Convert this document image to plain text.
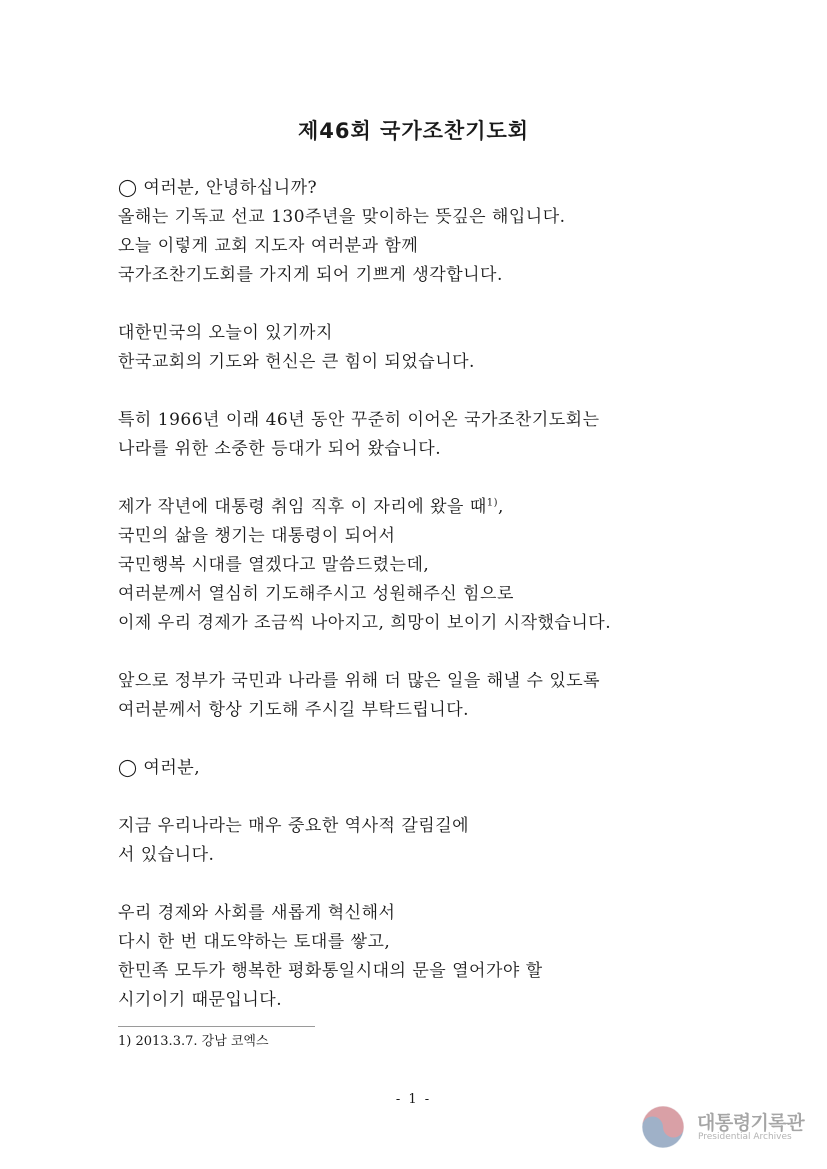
제46회 국가조찬기도회
◯ 여러분, 안녕하십니까?
올해는 기독교 선교 130주년을 맞이하는 뜻깊은 해입니다.
오늘 이렇게 교회 지도자 여러분과 함께
국가조찬기도회를 가지게 되어 기쁘게 생각합니다.
대한민국의 오늘이 있기까지
한국교회의 기도와 헌신은 큰 힘이 되었습니다.
특히 1966년 이래 46년 동안 꾸준히 이어온 국가조찬기도회는
나라를 위한 소중한 등대가 되어 왔습니다.
제가 작년에 대통령 취임 직후 이 자리에 왔을 때$^{1)}$,
국민의 삶을 챙기는 대통령이 되어서
국민행복 시대를 열겠다고 말씀드렸는데,
여러분께서 열심히 기도해주시고 성원해주신 힘으로
이제 우리 경제가 조금씩 나아지고, 희망이 보이기 시작했습니다.
앞으로 정부가 국민과 나라를 위해 더 많은 일을 해낼 수 있도록
여러분께서 항상 기도해 주시길 부탁드립니다.
◯ 여러분,
지금 우리나라는 매우 중요한 역사적 갈림길에
서 있습니다.
우리 경제와 사회를 새롭게 혁신해서
다시 한 번 대도약하는 토대를 쌓고,
한민족 모두가 행복한 평화통일시대의 문을 열어가야 할
시기이기 때문입니다.
1) 2013.3.7. 강남 코엑스
- 1 -
대통령기록관
Presidential Archives
